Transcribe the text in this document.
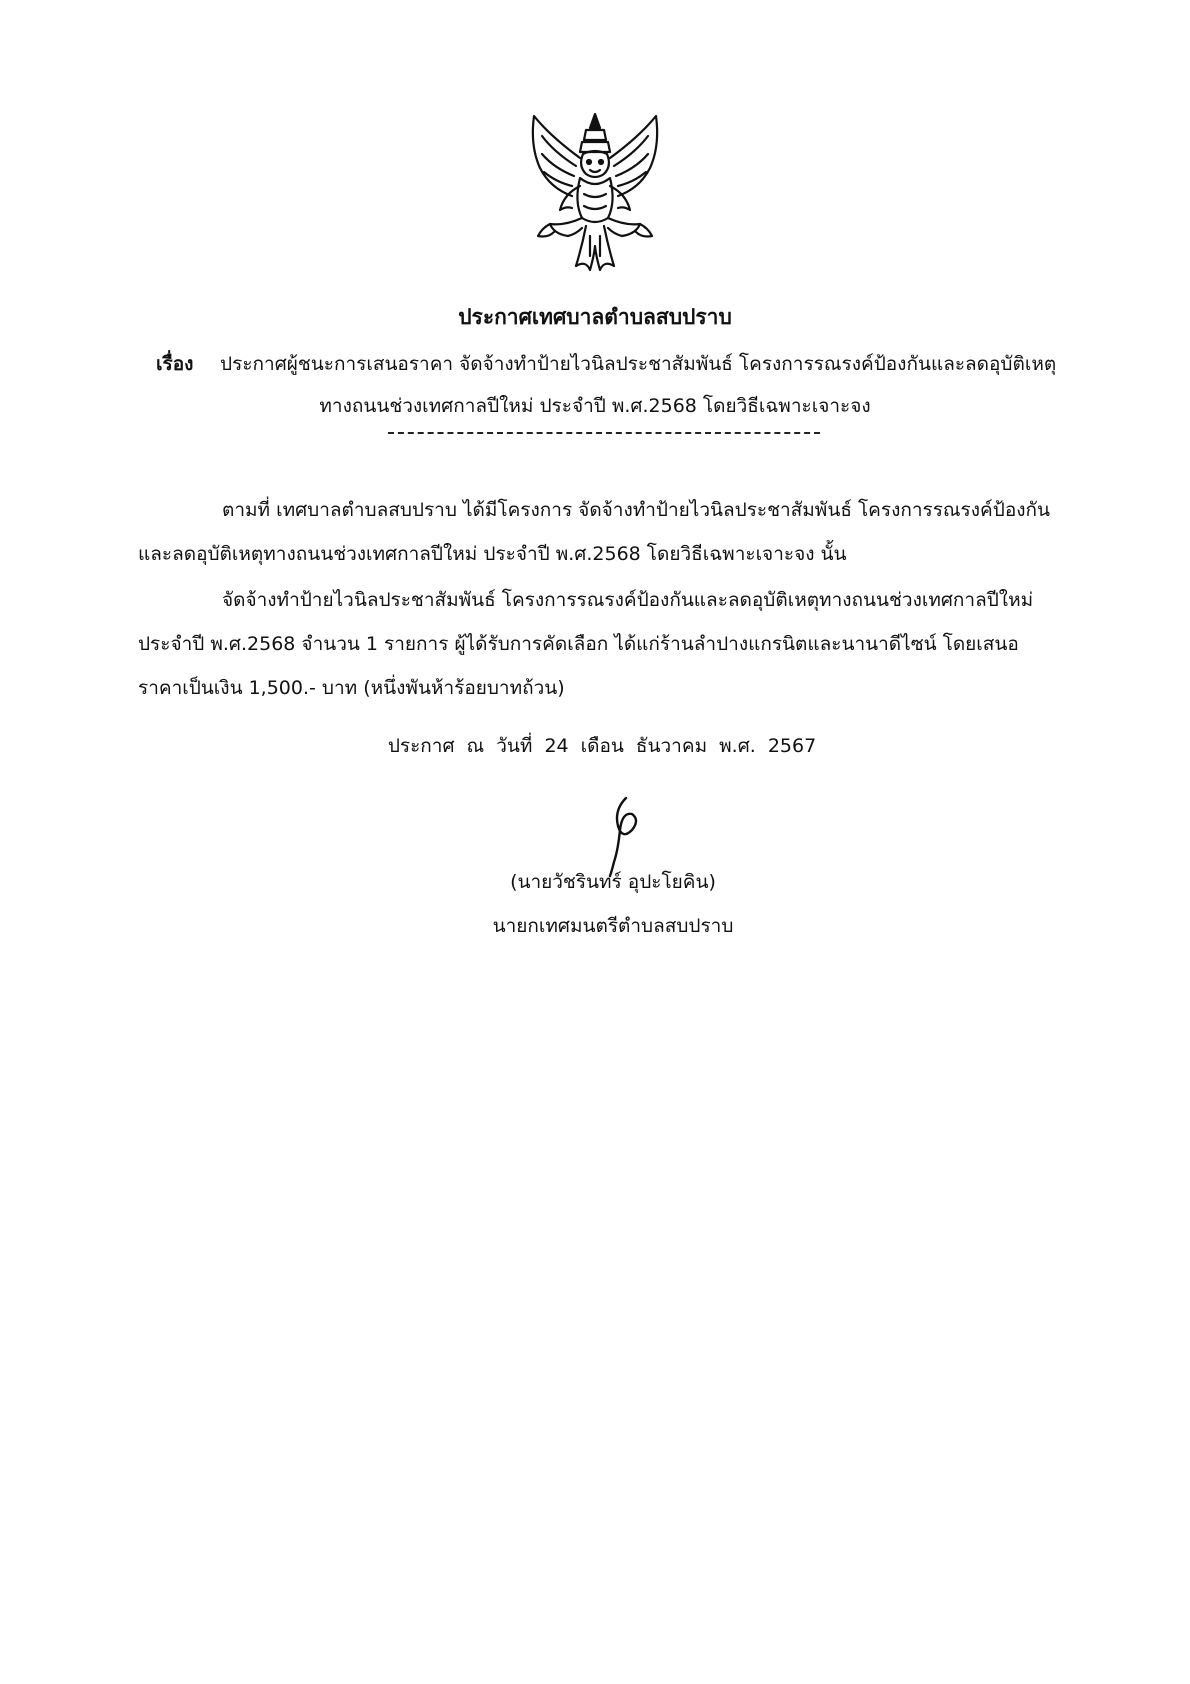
ประกาศเทศบาลตำบลสบปราบ
เรื่อง ประกาศผู้ชนะการเสนอราคา จัดจ้างทำป้ายไวนิลประชาสัมพันธ์ โครงการรณรงค์ป้องกันและลดอุบัติเหตุ
ทางถนนช่วงเทศกาลปีใหม่ ประจำปี พ.ศ.2568 โดยวิธีเฉพาะเจาะจง
ตามที่ เทศบาลตำบลสบปราบ ได้มีโครงการ จัดจ้างทำป้ายไวนิลประชาสัมพันธ์ โครงการรณรงค์ป้องกัน
และลดอุบัติเหตุทางถนนช่วงเทศกาลปีใหม่ ประจำปี พ.ศ.2568 โดยวิธีเฉพาะเจาะจง นั้น
จัดจ้างทำป้ายไวนิลประชาสัมพันธ์ โครงการรณรงค์ป้องกันและลดอุบัติเหตุทางถนนช่วงเทศกาลปีใหม่
ประจำปี พ.ศ.2568 จำนวน 1 รายการ ผู้ได้รับการคัดเลือก ได้แก่ร้านลำปางแกรนิตและนานาดีไซน์ โดยเสนอ
ราคาเป็นเงิน 1,500.- บาท (หนึ่งพันห้าร้อยบาทถ้วน)
ประกาศ ณ วันที่ 24 เดือน ธันวาคม พ.ศ. 2567
(นายวัชรินทร์ อุปะโยคิน)
นายกเทศมนตรีตำบลสบปราบ
